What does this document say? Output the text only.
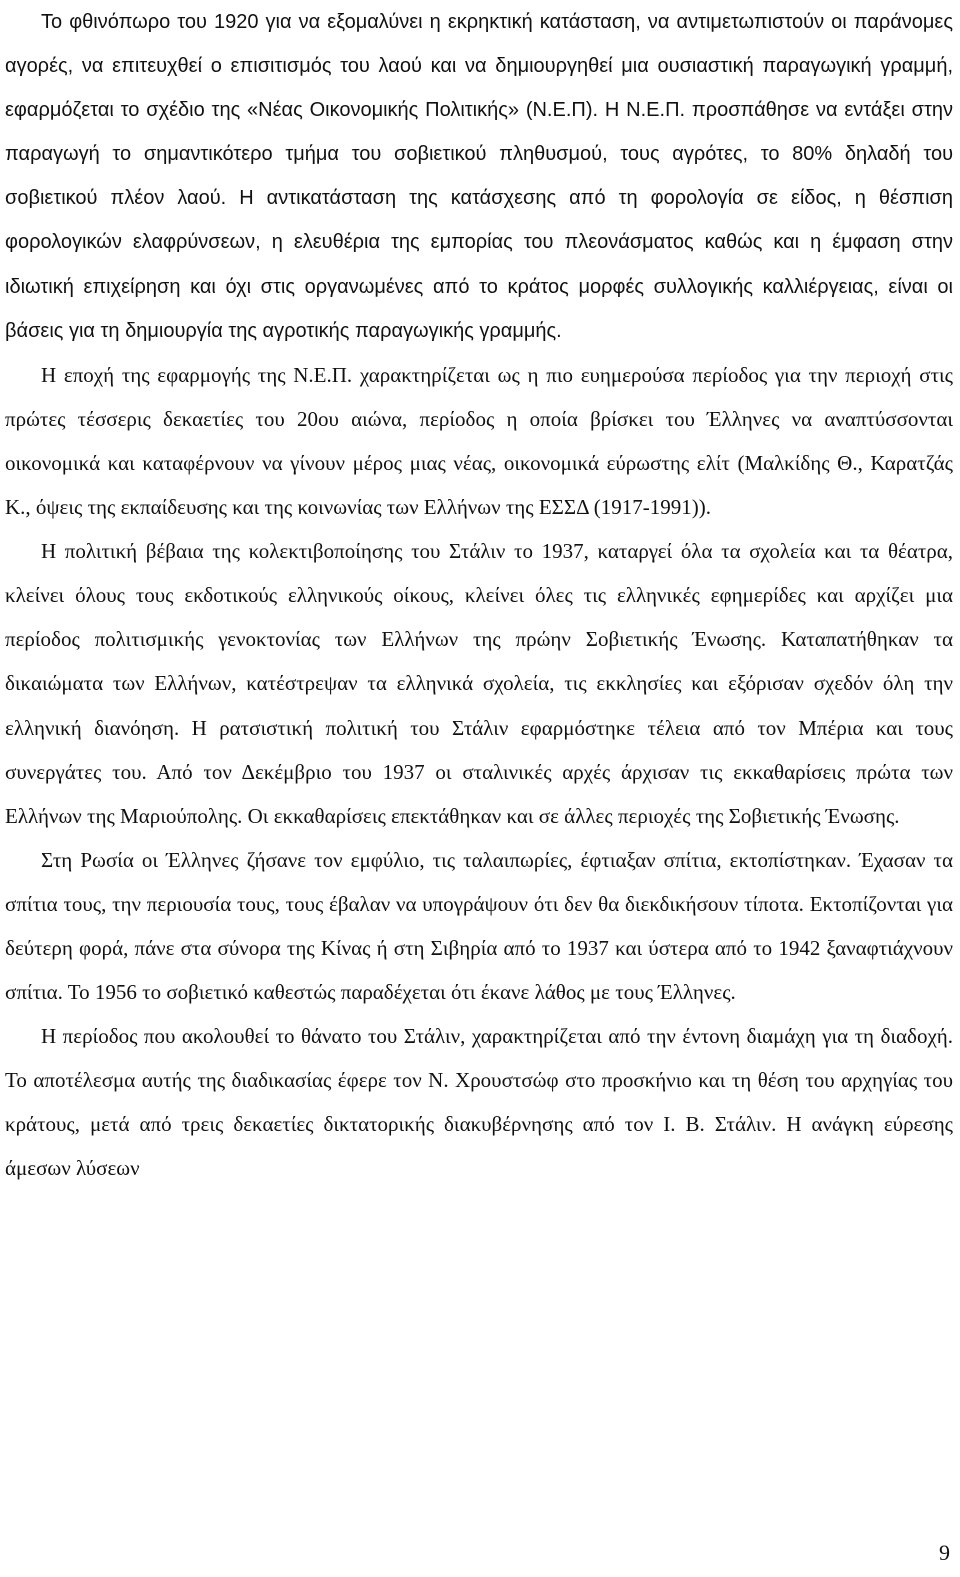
Το φθινόπωρο του 1920 για να εξομαλύνει η εκρηκτική κατάσταση, να αντιμετωπιστούν οι παράνομες αγορές, να επιτευχθεί ο επισιτισμός του λαού και να δημιουργηθεί μια ουσιαστική παραγωγική γραμμή, εφαρμόζεται το σχέδιο της «Νέας Οικονομικής Πολιτικής» (Ν.Ε.Π). Η Ν.Ε.Π. προσπάθησε να εντάξει στην παραγωγή το σημαντικότερο τμήμα του σοβιετικού πληθυσμού, τους αγρότες, το 80% δηλαδή του σοβιετικού πλέον λαού. Η αντικατάσταση της κατάσχεσης από τη φορολογία σε είδος, η θέσπιση φορολογικών ελαφρύνσεων, η ελευθέρια της εμπορίας του πλεονάσματος καθώς και η έμφαση στην ιδιωτική επιχείρηση και όχι στις οργανωμένες από το κράτος μορφές συλλογικής καλλιέργειας, είναι οι βάσεις για τη δημιουργία της αγροτικής παραγωγικής γραμμής.

Η εποχή της εφαρμογής της Ν.Ε.Π. χαρακτηρίζεται ως η πιο ευημερούσα περίοδος για την περιοχή στις πρώτες τέσσερις δεκαετίες του 20ου αιώνα, περίοδος η οποία βρίσκει του Έλληνες να αναπτύσσονται οικονομικά και καταφέρνουν να γίνουν μέρος μιας νέας, οικονομικά εύρωστης ελίτ (Μαλκίδης Θ., Καρατζάς Κ., όψεις της εκπαίδευσης και της κοινωνίας των Ελλήνων της ΕΣΣΔ (1917-1991)).

Η πολιτική βέβαια της κολεκτιβοποίησης του Στάλιν το 1937, καταργεί όλα τα σχολεία και τα θέατρα, κλείνει όλους τους εκδοτικούς ελληνικούς οίκους, κλείνει όλες τις ελληνικές εφημερίδες και αρχίζει μια περίοδος πολιτισμικής γενοκτονίας των Ελλήνων της πρώην Σοβιετικής Ένωσης. Καταπατήθηκαν τα δικαιώματα των Ελλήνων, κατέστρεψαν τα ελληνικά σχολεία, τις εκκλησίες και εξόρισαν σχεδόν όλη την ελληνική διανόηση. Η ρατσιστική πολιτική του Στάλιν εφαρμόστηκε τέλεια από τον Μπέρια και τους συνεργάτες του. Από τον Δεκέμβριο του 1937 οι σταλινικές αρχές άρχισαν τις εκκαθαρίσεις πρώτα των Ελλήνων της Μαριούπολης. Οι εκκαθαρίσεις επεκτάθηκαν και σε άλλες περιοχές της Σοβιετικής Ένωσης.

Στη Ρωσία οι Έλληνες ζήσανε τον εμφύλιο, τις ταλαιπωρίες, έφτιαξαν σπίτια, εκτοπίστηκαν. Έχασαν τα σπίτια τους, την περιουσία τους, τους έβαλαν να υπογράψουν ότι δεν θα διεκδικήσουν τίποτα. Εκτοπίζονται για δεύτερη φορά, πάνε στα σύνορα της Κίνας ή στη Σιβηρία από το 1937 και ύστερα από το 1942 ξαναφτιάχνουν σπίτια. Το 1956 το σοβιετικό καθεστώς παραδέχεται ότι έκανε λάθος με τους Έλληνες.

Η περίοδος που ακολουθεί το θάνατο του Στάλιν, χαρακτηρίζεται από την έντονη διαμάχη για τη διαδοχή. Το αποτέλεσμα αυτής της διαδικασίας έφερε τον Ν. Χρουστσώφ στο προσκήνιο και τη θέση του αρχηγίας του κράτους, μετά από τρεις δεκαετίες δικτατορικής διακυβέρνησης από τον Ι. Β. Στάλιν. Η ανάγκη εύρεσης άμεσων λύσεων

9
